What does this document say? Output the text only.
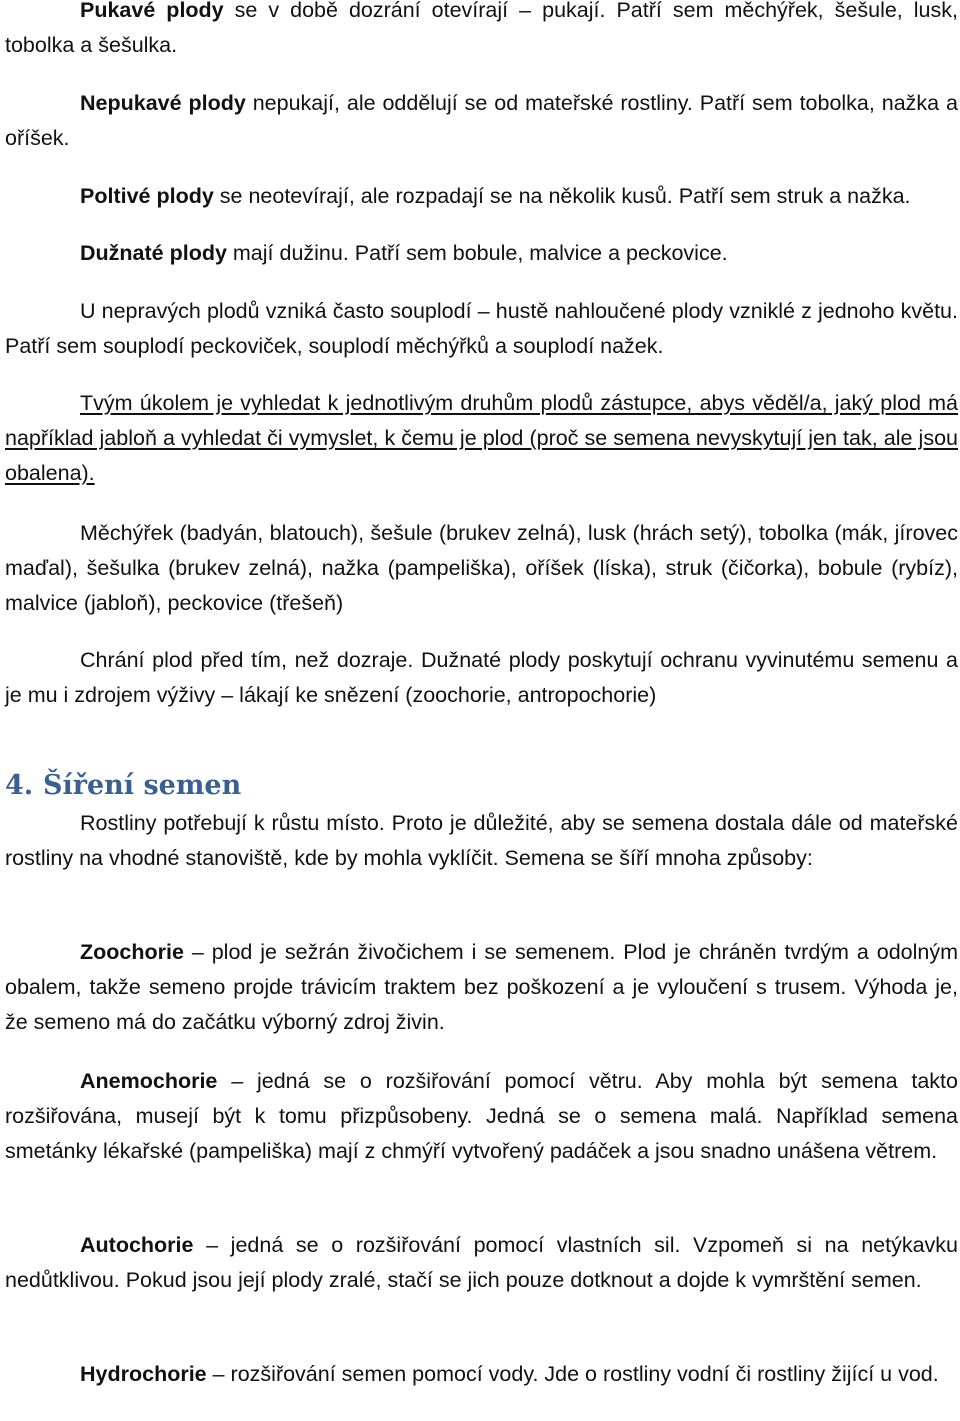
Pukavé plody se v době dozrání otevírají – pukají. Patří sem měchýřek, šešule, lusk, tobolka a šešulka.

Nepukavé plody nepukají, ale oddělují se od mateřské rostliny. Patří sem tobolka, nažka a oříšek.

Poltivé plody se neotevírají, ale rozpadají se na několik kusů. Patří sem struk a nažka.

Dužnaté plody mají dužinu. Patří sem bobule, malvice a peckovice.

U nepravých plodů vzniká často souplodí – hustě nahloučené plody vzniklé z jednoho květu. Patří sem souplodí peckoviček, souplodí měchýřků a souplodí nažek.

Tvým úkolem je vyhledat k jednotlivým druhům plodů zástupce, abys věděl/a, jaký plod má například jabloň a vyhledat či vymyslet, k čemu je plod (proč se semena nevyskytují jen tak, ale jsou obalena).

Měchýřek (badyán, blatouch), šešule (brukev zelná), lusk (hrách setý), tobolka (mák, jírovec maďal), šešulka (brukev zelná), nažka (pampeliška), oříšek (líska), struk (čičorka), bobule (rybíz), malvice (jabloň), peckovice (třešeň)

Chrání plod před tím, než dozraje. Dužnaté plody poskytují ochranu vyvinutému semenu a je mu i zdrojem výživy – lákají ke snězení (zoochorie, antropochorie)

4. Šíření semen

Rostliny potřebují k růstu místo. Proto je důležité, aby se semena dostala dále od mateřské rostliny na vhodné stanoviště, kde by mohla vyklíčit. Semena se šíří mnoha způsoby:

Zoochorie – plod je sežrán živočichem i se semenem. Plod je chráněn tvrdým a odolným obalem, takže semeno projde trávicím traktem bez poškození a je vyloučení s trusem. Výhoda je, že semeno má do začátku výborný zdroj živin.

Anemochorie – jedná se o rozšiřování pomocí větru. Aby mohla být semena takto rozšiřována, musejí být k tomu přizpůsobeny. Jedná se o semena malá. Například semena smetánky lékařské (pampeliška) mají z chmýří vytvořený padáček a jsou snadno unášena větrem.

Autochorie – jedná se o rozšiřování pomocí vlastních sil. Vzpomeň si na netýkavku nedůtklivou. Pokud jsou její plody zralé, stačí se jich pouze dotknout a dojde k vymrštění semen.

Hydrochorie – rozšiřování semen pomocí vody. Jde o rostliny vodní či rostliny žijící u vod.
